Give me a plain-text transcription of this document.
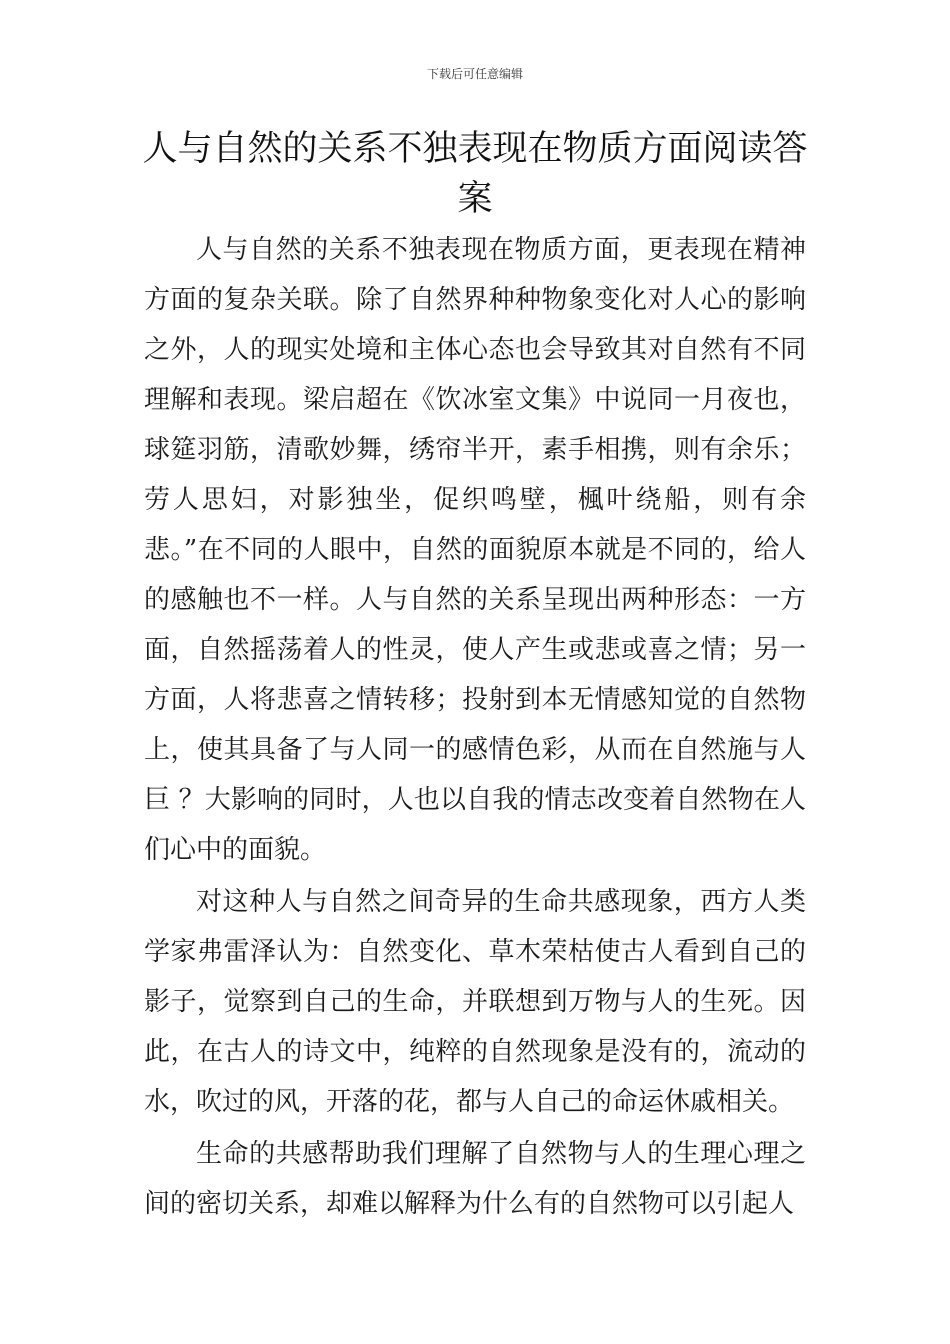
下载后可任意编辑
人与自然的关系不独表现在物质方面阅读答案

人与自然的关系不独表现在物质方面，更表现在精神方面的复杂关联。除了自然界种种物象变化对人心的影响之外，人的现实处境和主体心态也会导致其对自然有不同理解和表现。梁启超在《饮冰室文集》中说同一月夜也，球筵羽筋，清歌妙舞，绣帘半开，素手相携，则有余乐；劳人思妇，对影独坐，促织鸣壁，楓叶绕船，则有余悲。”在不同的人眼中，自然的面貌原本就是不同的，给人的感触也不一样。人与自然的关系呈现出两种形态：一方面，自然摇荡着人的性灵，使人产生或悲或喜之情；另一方面，人将悲喜之情转移；投射到本无情感知觉的自然物上，使其具备了与人同一的感情色彩，从而在自然施与人巨 ？大影响的同时，人也以自我的情志改变着自然物在人们心中的面貌。

对这种人与自然之间奇异的生命共感现象，西方人类学家弗雷泽认为：自然变化、草木荣枯使古人看到自己的影子，觉察到自己的生命，并联想到万物与人的生死。因此，在古人的诗文中，纯粹的自然现象是没有的，流动的水，吹过的风，开落的花，都与人自己的命运休戚相关。

生命的共感帮助我们理解了自然物与人的生理心理之间的密切关系，却难以解释为什么有的自然物可以引起人
